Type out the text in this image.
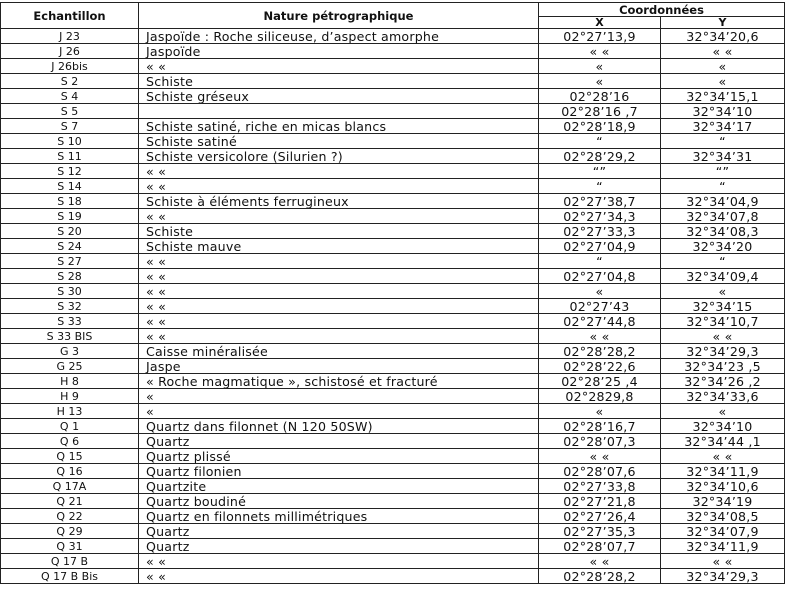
Echantillon	Nature pétrographique	Coordonnées	
		X	Y
J 23	Jaspoïde : Roche siliceuse, d’aspect amorphe	02°27’13,9	32°34’20,6
J 26	Jaspoïde	« «	« «
J 26bis	« «	«	«
S 2	Schiste	«	«
S 4	Schiste gréseux	02°28’16	32°34’15,1
S 5		02°28’16 ,7	32°34’10
S 7	Schiste satiné, riche en micas blancs	02°28’18,9	32°34’17
S 10	Schiste satiné	“	“
S 11	Schiste versicolore (Silurien ?)	02°28’29,2	32°34’31
S 12	« «	“”	“”
S 14	« «	“	“
S 18	Schiste à éléments ferrugineux	02°27’38,7	32°34’04,9
S 19	« «	02°27’34,3	32°34’07,8
S 20	Schiste	02°27’33,3	32°34’08,3
S 24	Schiste mauve	02°27’04,9	32°34’20
S 27	« «	“	“
S 28	« «	02°27’04,8	32°34’09,4
S 30	« «	«	«
S 32	« «	02°27’43	32°34’15
S 33	« «	02°27’44,8	32°34’10,7
S 33 BIS	« «	« «	« «
G 3	Caisse minéralisée	02°28’28,2	32°34’29,3
G 25	Jaspe	02°28’22,6	32°34’23 ,5
H 8	« Roche magmatique », schistosé et fracturé	02°28’25 ,4	32°34’26 ,2
H 9	«	02°2829,8	32°34’33,6
H 13	«	«	«
Q 1	Quartz dans filonnet (N 120 50SW)	02°28’16,7	32°34’10
Q 6	Quartz	02°28’07,3	32°34’44 ,1
Q 15	Quartz plissé	« «	« «
Q 16	Quartz filonien	02°28’07,6	32°34’11,9
Q 17A	Quartzite	02°27’33,8	32°34’10,6
Q 21	Quartz boudiné	02°27’21,8	32°34’19
Q 22	Quartz en filonnets millimétriques	02°27’26,4	32°34’08,5
Q 29	Quartz	02°27’35,3	32°34’07,9
Q 31	Quartz	02°28’07,7	32°34’11,9
Q 17 B	« «	« «	« «
Q 17 B Bis	« «	02°28’28,2	32°34’29,3
